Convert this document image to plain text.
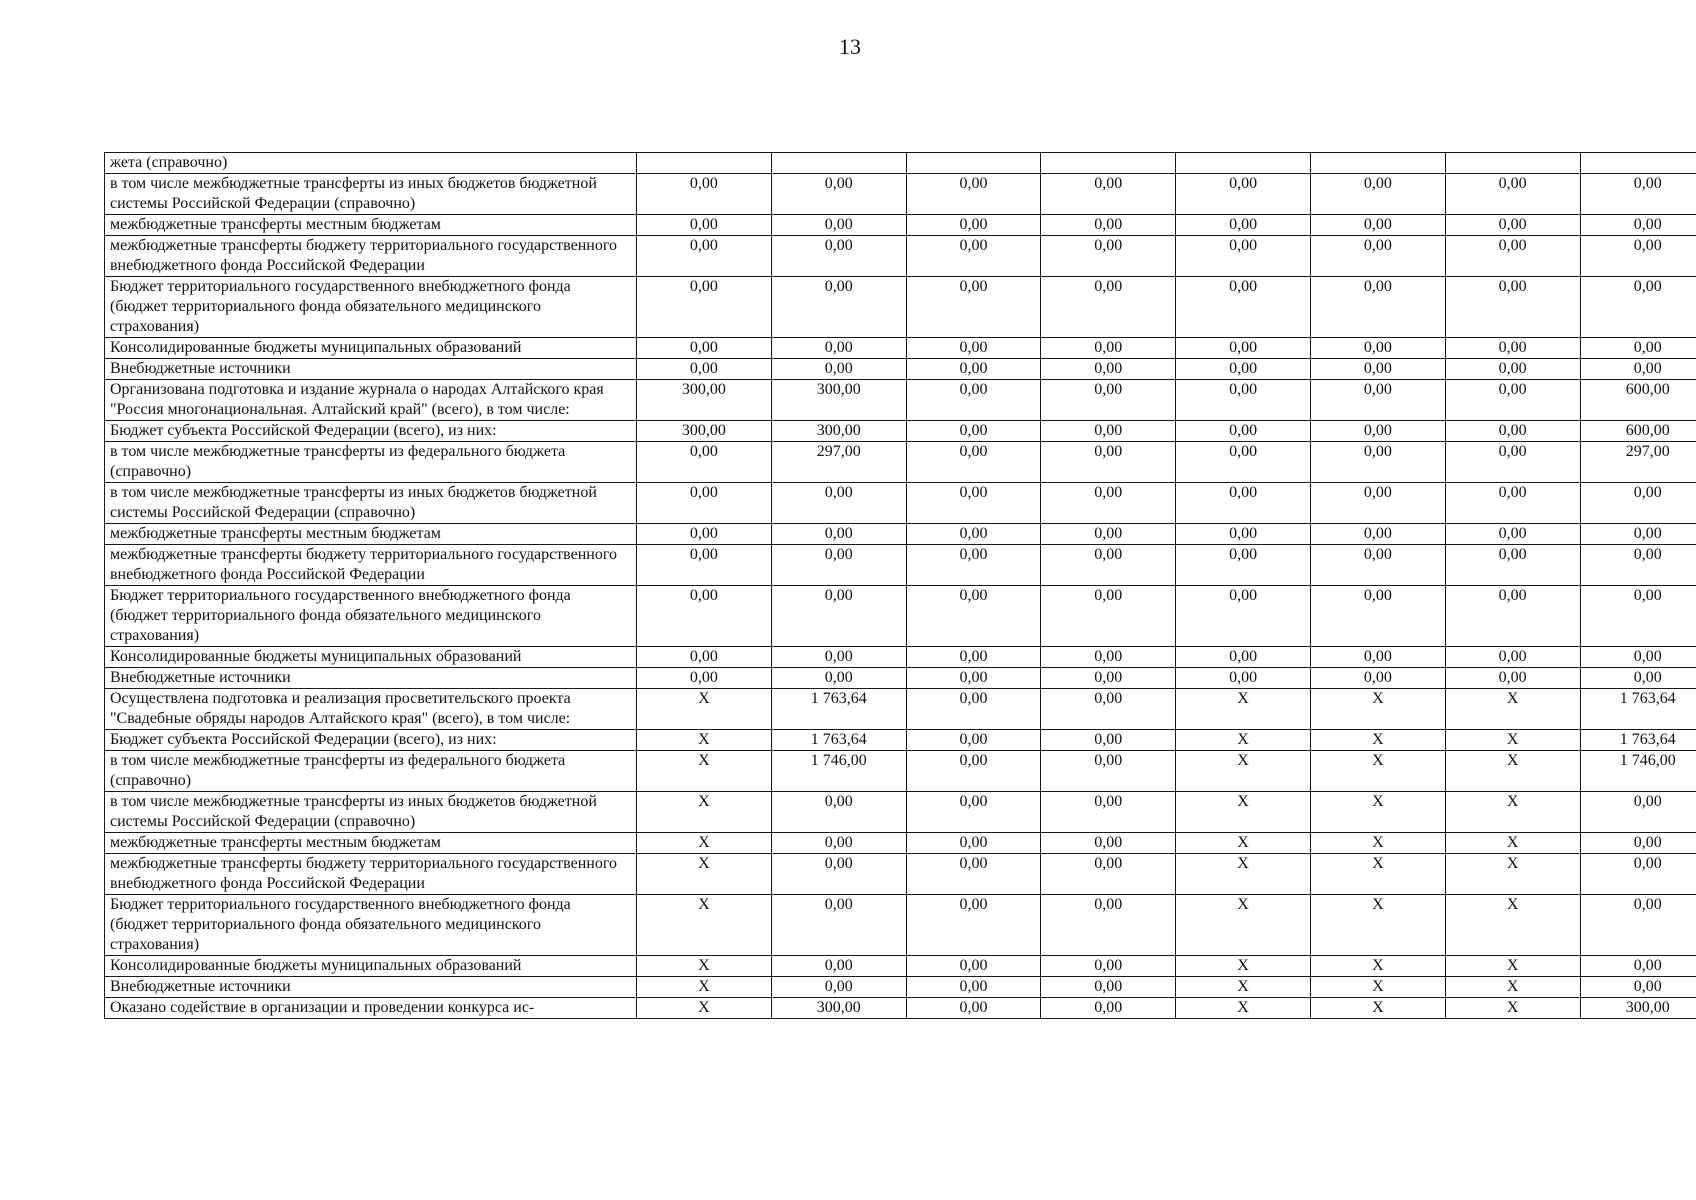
13
жета (справочно)								
в том числе межбюджетные трансферты из иных бюджетов бюджетной системы Российской Федерации (справочно)	0,00	0,00	0,00	0,00	0,00	0,00	0,00	0,00
межбюджетные трансферты местным бюджетам	0,00	0,00	0,00	0,00	0,00	0,00	0,00	0,00
межбюджетные трансферты бюджету территориального государственного внебюджетного фонда Российской Федерации	0,00	0,00	0,00	0,00	0,00	0,00	0,00	0,00
Бюджет территориального государственного внебюджетного фонда (бюджет территориального фонда обязательного медицинского страхования)	0,00	0,00	0,00	0,00	0,00	0,00	0,00	0,00
Консолидированные бюджеты муниципальных образований	0,00	0,00	0,00	0,00	0,00	0,00	0,00	0,00
Внебюджетные источники	0,00	0,00	0,00	0,00	0,00	0,00	0,00	0,00
Организована подготовка и издание журнала о народах Алтайского края "Россия многонациональная. Алтайский край" (всего), в том числе:	300,00	300,00	0,00	0,00	0,00	0,00	0,00	600,00
Бюджет субъекта Российской Федерации (всего), из них:	300,00	300,00	0,00	0,00	0,00	0,00	0,00	600,00
в том числе межбюджетные трансферты из федерального бюджета (справочно)	0,00	297,00	0,00	0,00	0,00	0,00	0,00	297,00
в том числе межбюджетные трансферты из иных бюджетов бюджетной системы Российской Федерации (справочно)	0,00	0,00	0,00	0,00	0,00	0,00	0,00	0,00
межбюджетные трансферты местным бюджетам	0,00	0,00	0,00	0,00	0,00	0,00	0,00	0,00
межбюджетные трансферты бюджету территориального государственного внебюджетного фонда Российской Федерации	0,00	0,00	0,00	0,00	0,00	0,00	0,00	0,00
Бюджет территориального государственного внебюджетного фонда (бюджет территориального фонда обязательного медицинского страхования)	0,00	0,00	0,00	0,00	0,00	0,00	0,00	0,00
Консолидированные бюджеты муниципальных образований	0,00	0,00	0,00	0,00	0,00	0,00	0,00	0,00
Внебюджетные источники	0,00	0,00	0,00	0,00	0,00	0,00	0,00	0,00
Осуществлена подготовка и реализация просветительского проекта "Свадебные обряды народов Алтайского края" (всего), в том числе:	X	1 763,64	0,00	0,00	X	X	X	1 763,64
Бюджет субъекта Российской Федерации (всего), из них:	X	1 763,64	0,00	0,00	X	X	X	1 763,64
в том числе межбюджетные трансферты из федерального бюджета (справочно)	X	1 746,00	0,00	0,00	X	X	X	1 746,00
в том числе межбюджетные трансферты из иных бюджетов бюджетной системы Российской Федерации (справочно)	X	0,00	0,00	0,00	X	X	X	0,00
межбюджетные трансферты местным бюджетам	X	0,00	0,00	0,00	X	X	X	0,00
межбюджетные трансферты бюджету территориального государственного внебюджетного фонда Российской Федерации	X	0,00	0,00	0,00	X	X	X	0,00
Бюджет территориального государственного внебюджетного фонда (бюджет территориального фонда обязательного медицинского страхования)	X	0,00	0,00	0,00	X	X	X	0,00
Консолидированные бюджеты муниципальных образований	X	0,00	0,00	0,00	X	X	X	0,00
Внебюджетные источники	X	0,00	0,00	0,00	X	X	X	0,00
Оказано содействие в организации и проведении конкурса ис-	X	300,00	0,00	0,00	X	X	X	300,00
